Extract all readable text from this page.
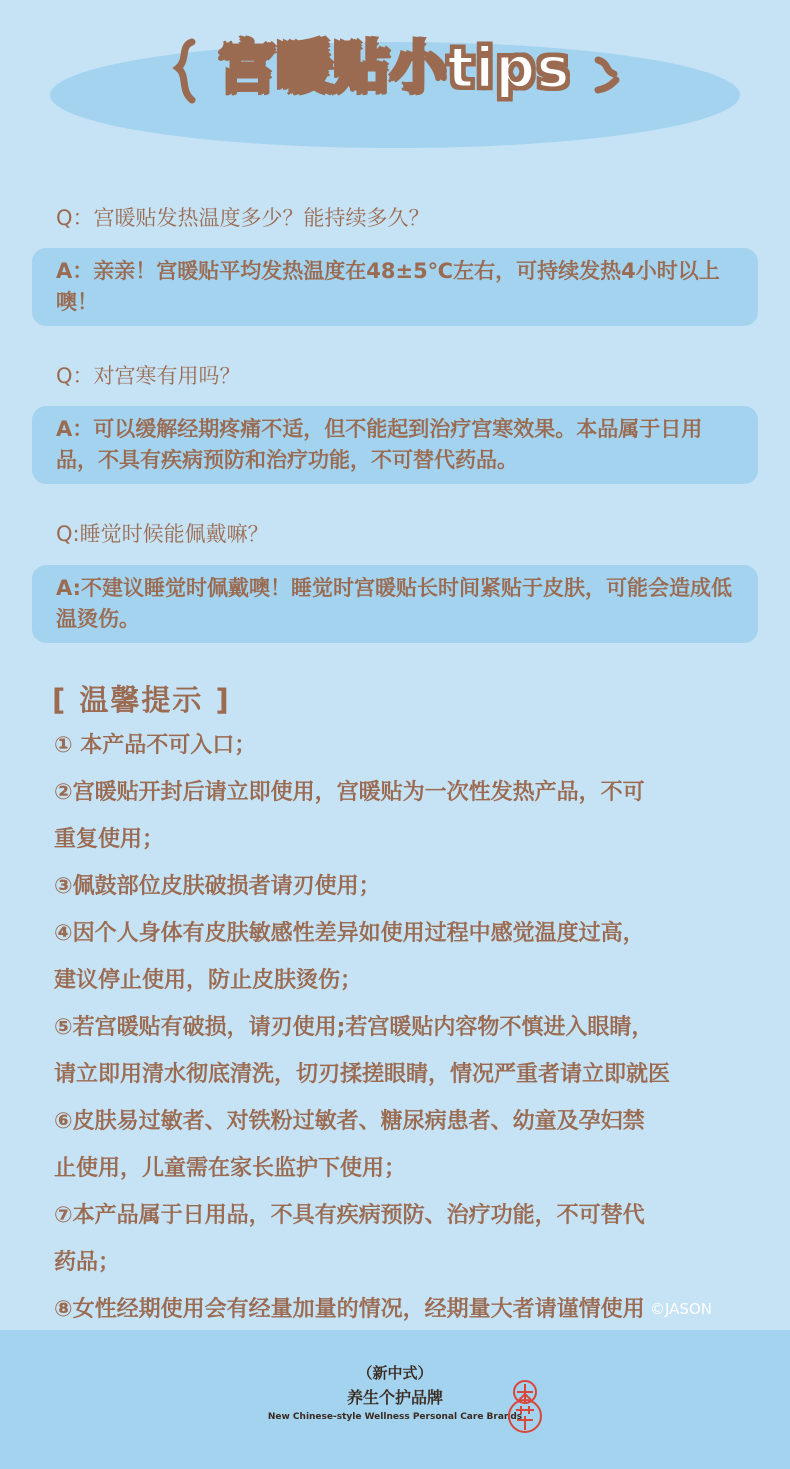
宫暖贴小tips
Q：宫暖贴发热温度多少？能持续多久？
A：亲亲！宫暖贴平均发热温度在48±5℃左右，可持续发热4小时以上噢！
Q：对宫寒有用吗？
A：可以缓解经期疼痛不适，但不能起到治疗宫寒效果。本品属于日用品，不具有疾病预防和治疗功能，不可替代药品。
Q:睡觉时候能佩戴嘛？
A:不建议睡觉时佩戴噢！睡觉时宫暖贴长时间紧贴于皮肤，可能会造成低温烫伤。
[ 温馨提示 ]
① 本产品不可入口；
②宫暖贴开封后请立即使用，宫暖贴为一次性发热产品，不可
重复使用；
③佩鼓部位皮肤破损者请刃使用；
④因个人身体有皮肤敏感性差异如使用过程中感觉温度过高，
建议停止使用，防止皮肤烫伤；
⑤若宫暖贴有破损，请刃使用;若宫暖贴内容物不慎进入眼睛，
请立即用清水彻底清洗，切刃揉搓眼睛，情况严重者请立即就医
⑥皮肤易过敏者、对铁粉过敏者、糖尿病患者、幼童及孕妇禁
止使用，儿童需在家长监护下使用；
⑦本产品属于日用品，不具有疾病预防、治疗功能，不可替代
药品；
⑧女性经期使用会有经量加量的情况，经期量大者请谨情使用 ©JASON
（新中式）
养生个护品牌
New Chinese-style Wellness Personal Care Brands
